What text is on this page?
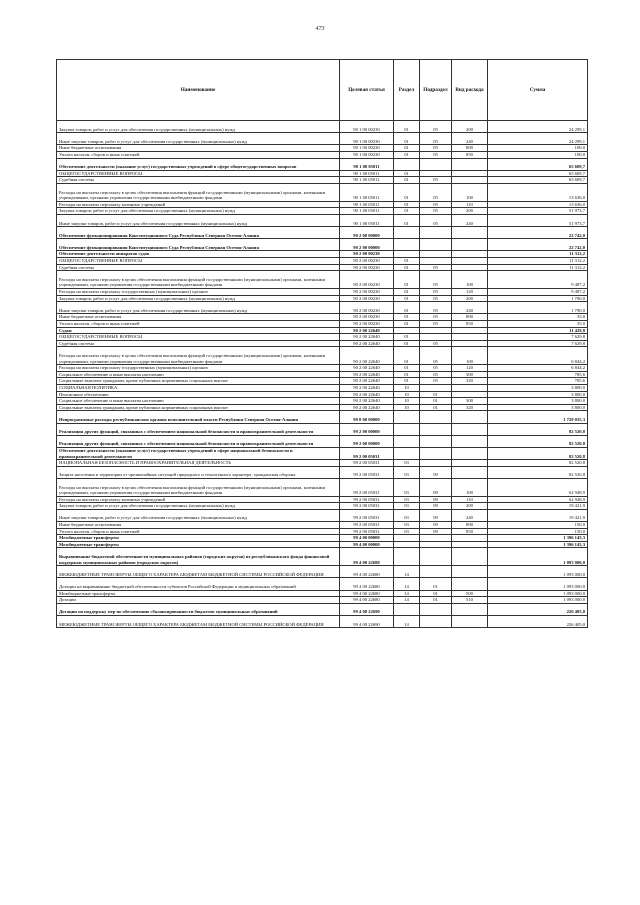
473
Наименование	Целевая статья	Раздел	Подраздел	Вид расхода	Сумма
Закупка товаров, работ и услуг для обеспечения государственных (муниципальных) нужд	90 1 00 00230	01	05	200	24 299,1
Иные закупки товаров, работ и услуг для обеспечения государственных (муниципальных) нужд	90 1 00 00230	01	05	240	24 299,1
Иные бюджетные ассигнования	90 1 00 00230	01	05	800	100,0
Уплата налогов, сборов и иных платежей	90 1 00 00230	01	05	850	100,0
Обеспечение деятельности (оказание услуг) государственных учреждений в сфере общегосударственных вопросов	90 1 00 05011				65 609,7
ОБЩЕГОСУДАРСТВЕННЫЕ ВОПРОСЫ	90 1 00 05011	01			65 609,7
Судебная система	90 1 00 05011	01	05		65 609,7
Расходы на выплаты персоналу в целях обеспечения выполнения функций государственными (муниципальными) органами, казенными учреждениями, органами управления государственными внебюджетными фондами	90 1 00 05011	01	05	100	13 636,0
Расходы на выплаты персоналу казенных учреждений	90 1 00 05011	01	05	110	13 636,0
Закупка товаров, работ и услуг для обеспечения государственных (муниципальных) нужд	90 1 00 05011	01	05	200	51 973,7
Иные закупки товаров, работ и услуг для обеспечения государственных (муниципальных) нужд	90 1 00 05011	01	05	240	51 973,7
Обеспечение функционирования Конституционного Суда Республики Северная Осетия-Алания	90 2 00 00000				22 742,0
Обеспечение функционирования Конституционного Суда Республики Северная Осетия-Алания	90 2 00 00000				22 742,0
Обеспечение деятельности аппаратов судов	90 2 00 00230				11 312,2
ОБЩЕГОСУДАРСТВЕННЫЕ ВОПРОСЫ	90 2 00 00230	01			11 312,2
Судебная система	90 2 00 00230	01	05		11 312,2
Расходы на выплаты персоналу в целях обеспечения выполнения функций государственными (муниципальными) органами, казенными учреждениями, органами управления государственными внебюджетными фондами	90 2 00 00230	01	05	100	9 487,2
Расходы на выплаты персоналу государственных (муниципальных) органов	90 2 00 00230	01	05	120	9 487,2
Закупка товаров, работ и услуг для обеспечения государственных (муниципальных) нужд	90 2 00 00230	01	05	200	1 790,0
Иные закупки товаров, работ и услуг для обеспечения государственных (муниципальных) нужд	90 2 00 00230	01	05	240	1 790,0
Иные бюджетные ассигнования	90 2 00 00230	01	05	800	35,0
Уплата налогов, сборов и иных платежей	90 2 00 00230	01	05	850	35,0
Судьи	90 2 00 22640				11 429,8
ОБЩЕГОСУДАРСТВЕННЫЕ ВОПРОСЫ	90 2 00 22640	01			7 629,8
Судебная система	90 2 00 22640	01	05		7 629,8
Расходы на выплаты персоналу в целях обеспечения выполнения функций государственными (муниципальными) органами, казенными учреждениями, органами управления государственными внебюджетными фондами	90 2 00 22640	01	05	100	6 844,2
Расходы на выплаты персоналу государственных (муниципальных) органов	90 2 00 22640	01	05	120	6 844,2
Социальное обеспечение и иные выплаты населению	90 2 00 22640	01	05	300	785,6
Социальные выплаты гражданам, кроме публичных нормативных социальных выплат	90 2 00 22640	01	05	320	785,6
СОЦИАЛЬНАЯ ПОЛИТИКА	90 2 00 22640	10			3 800,0
Пенсионное обеспечение	90 2 00 22640	10	01		3 800,0
Социальное обеспечение и иные выплаты населению	90 2 00 22640	10	01	300	3 800,0
Социальные выплаты гражданам, кроме публичных нормативных социальных выплат	90 2 00 22640	10	01	320	3 800,0
Непрограммные расходы республиканских органов исполнительной власти Республики Северная Осетия-Алания	99 0 00 00000				1 729 035,3
Реализация других функций, связанных с обеспечением национальной безопасности и правоохранительной деятельности	99 2 00 00000				82 520,8
Реализация других функций, связанных с обеспечением национальной безопасности и правоохранительной деятельности	99 2 00 00000				82 520,8
Обеспечение деятельности (оказание услуг) государственных учреждений в сфере национальной безопасности и правоохранительной деятельности	99 2 00 05031				82 520,8
НАЦИОНАЛЬНАЯ БЕЗОПАСНОСТЬ И ПРАВООХРАНИТЕЛЬНАЯ ДЕЯТЕЛЬНОСТЬ	99 2 00 05031	03			82 520,8
Защита населения и территории от чрезвычайных ситуаций природного и техногенного характера, гражданская оборона	99 2 00 05031	03	09		82 520,8
Расходы на выплаты персоналу в целях обеспечения выполнения функций государственными (муниципальными) органами, казенными учреждениями, органами управления государственными внебюджетными фондами	99 2 00 05031	03	09	100	62 948,9
Расходы на выплаты персоналу казенных учреждений	99 2 00 05031	03	09	110	62 948,9
Закупка товаров, работ и услуг для обеспечения государственных (муниципальных) нужд	99 2 00 05031	03	09	200	19 421,9
Иные закупки товаров, работ и услуг для обеспечения государственных (муниципальных) нужд	99 2 00 05031	03	09	240	19 421,9
Иные бюджетные ассигнования	99 2 00 05031	03	09	800	150,0
Уплата налогов, сборов и иных платежей	99 2 00 05031	03	09	850	150,0
Межбюджетные трансферты	99 4 00 00000				1 396 145,3
Межбюджетные трансферты	99 4 00 00000				1 396 145,3
Выравнивание бюджетной обеспеченности муниципальных районов (городских округов) из республиканского фонда финансовой поддержки муниципальных районов (городских округов)	99 4 00 22680				1 093 000,0
МЕЖБЮДЖЕТНЫЕ ТРАНСФЕРТЫ ОБЩЕГО ХАРАКТЕРА БЮДЖЕТАМ БЮДЖЕТНОЙ СИСТЕМЫ РОССИЙСКОЙ ФЕДЕРАЦИИ	99 4 00 22680	14			1 093 000,0
Дотации на выравнивание бюджетной обеспеченности субъектов Российской Федерации и муниципальных образований	99 4 00 22680	14	01		1 093 000,0
Межбюджетные трансферты	99 4 00 22680	14	01	500	1 093 000,0
Дотации	99 4 00 22680	14	01	510	1 093 000,0
Дотации на поддержку мер по обеспечению сбалансированности бюджетов муниципальных образований	99 4 00 22690				226 405,0
МЕЖБЮДЖЕТНЫЕ ТРАНСФЕРТЫ ОБЩЕГО ХАРАКТЕРА БЮДЖЕТАМ БЮДЖЕТНОЙ СИСТЕМЫ РОССИЙСКОЙ ФЕДЕРАЦИИ	99 4 00 22690	14			226 405,0
